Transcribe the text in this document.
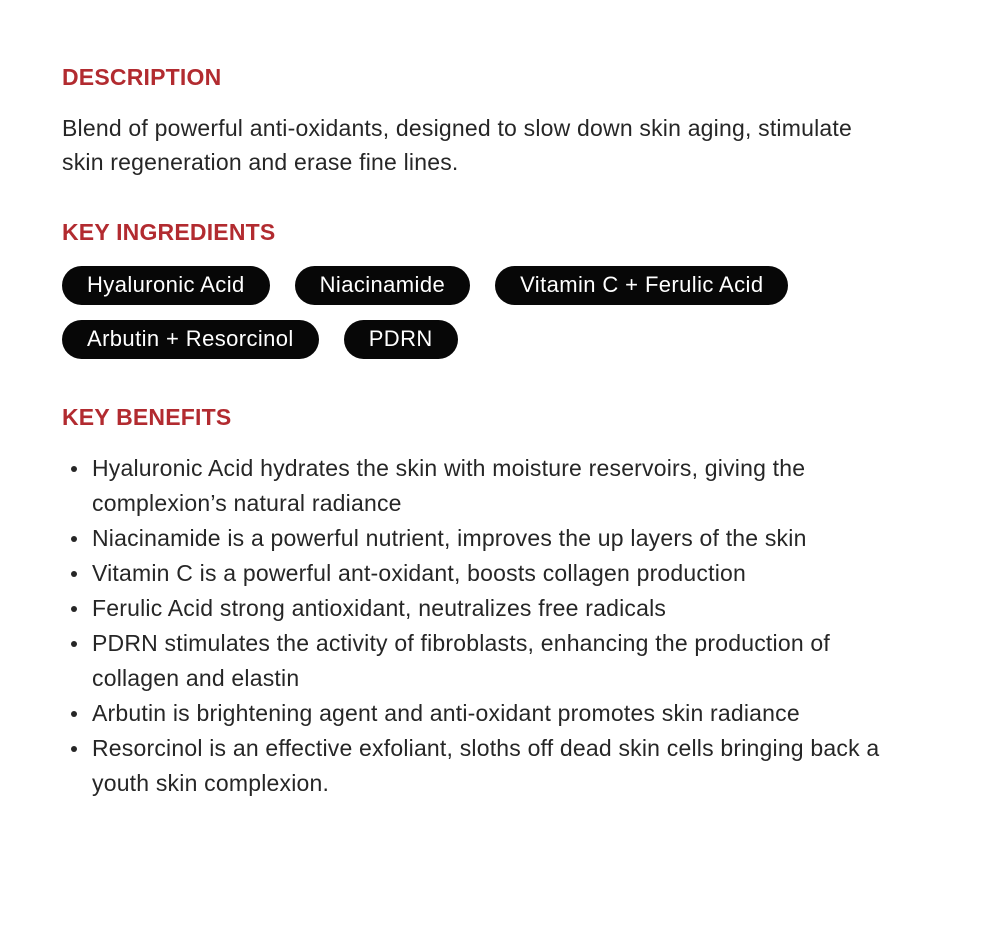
DESCRIPTION

Blend of powerful anti-oxidants, designed to slow down skin aging, stimulate skin regeneration and erase fine lines.

KEY INGREDIENTS
Hyaluronic Acid	Niacinamide	Vitamin C + Ferulic Acid
Arbutin + Resorcinol	PDRN
KEY BENEFITS
Hyaluronic Acid hydrates the skin with moisture reservoirs, giving the complexion’s natural radiance
Niacinamide is a powerful nutrient, improves the up layers of the skin
Vitamin C is a powerful ant-oxidant, boosts collagen production
Ferulic Acid strong antioxidant, neutralizes free radicals
PDRN stimulates the activity of fibroblasts, enhancing the production of collagen and elastin
Arbutin is brightening agent and anti-oxidant promotes skin radiance
Resorcinol is an effective exfoliant, sloths off dead skin cells bringing back a youth skin complexion.
